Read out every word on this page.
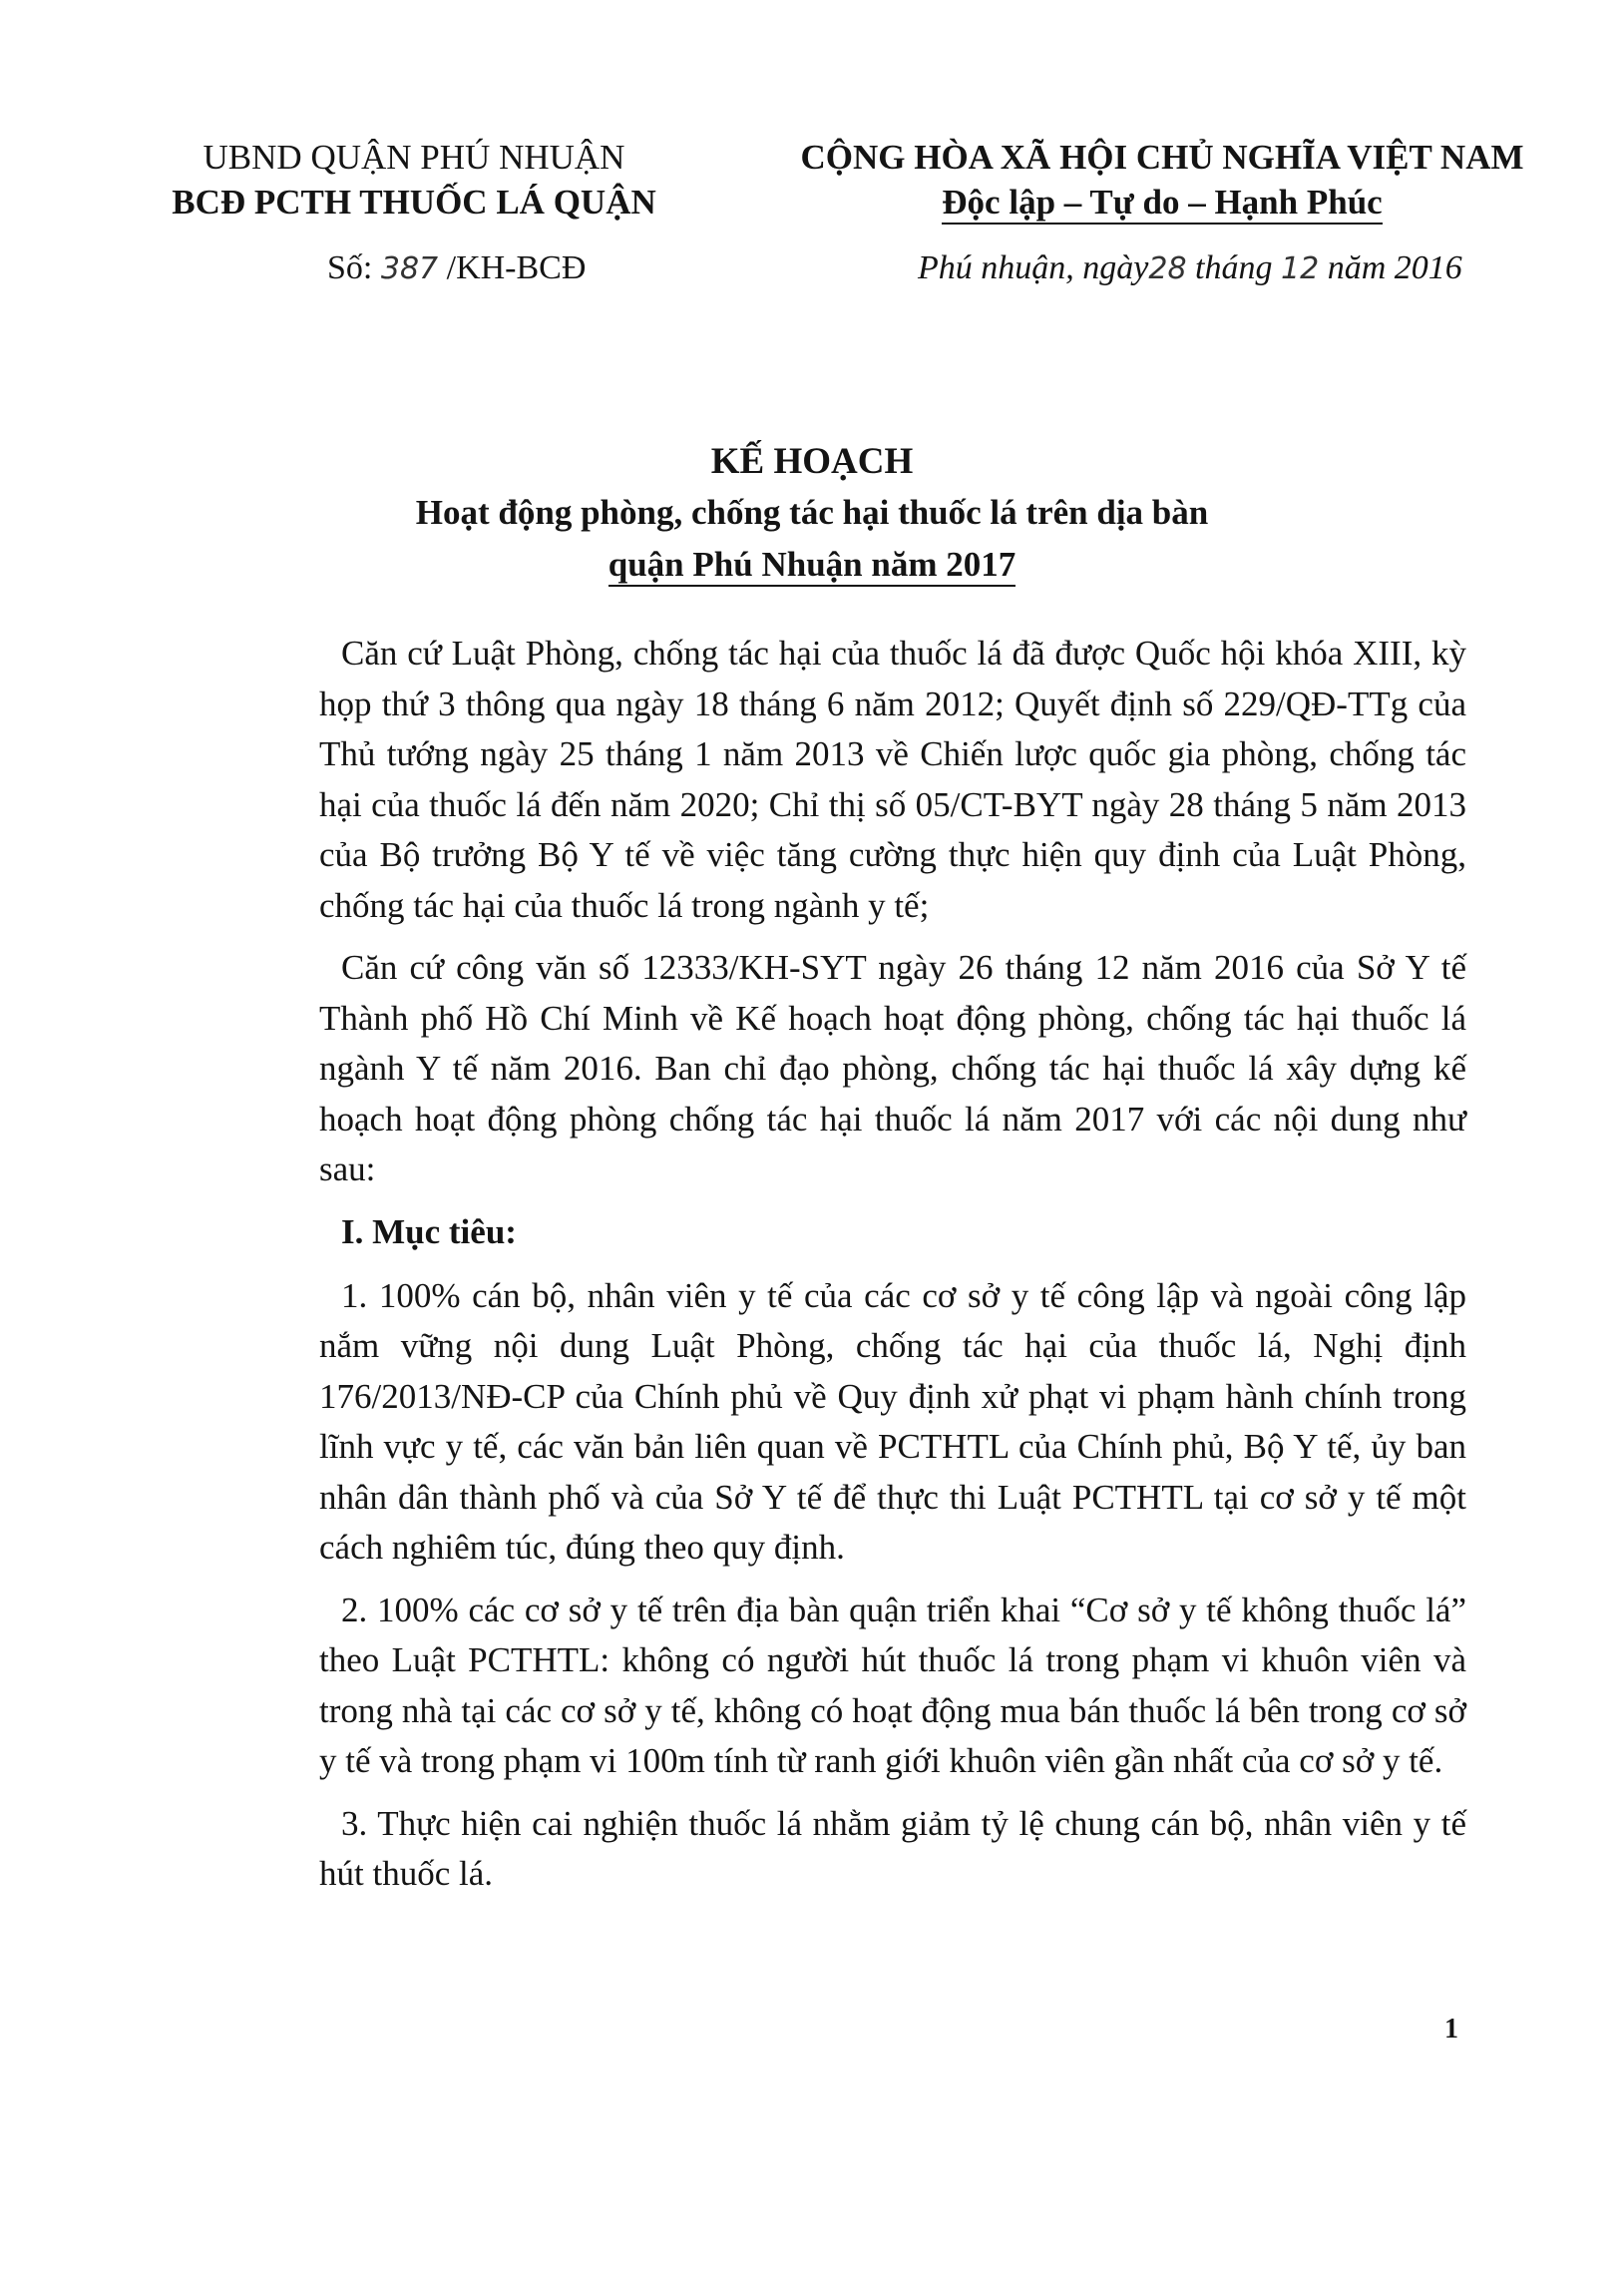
UBND QUẬN PHÚ NHUẬN
BCĐ PCTH THUỐC LÁ QUẬN
CỘNG HÒA XÃ HỘI CHỦ NGHĨA VIỆT NAM
Độc lập – Tự do – Hạnh Phúc
Số: 387 /KH-BCĐ	Phú nhuận, ngày28 tháng 12 năm 2016
KẾ HOẠCH
Hoạt động phòng, chống tác hại thuốc lá trên dịa bàn
quận Phú Nhuận năm 2017

Căn cứ Luật Phòng, chống tác hại của thuốc lá đã được Quốc hội khóa XIII, kỳ họp thứ 3 thông qua ngày 18 tháng 6 năm 2012; Quyết định số 229/QĐ-TTg của Thủ tướng ngày 25 tháng 1 năm 2013 về Chiến lược quốc gia phòng, chống tác hại của thuốc lá đến năm 2020; Chỉ thị số 05/CT-BYT ngày 28 tháng 5 năm 2013 của Bộ trưởng Bộ Y tế về việc tăng cường thực hiện quy định của Luật Phòng, chống tác hại của thuốc lá trong ngành y tế;

Căn cứ công văn số 12333/KH-SYT ngày 26 tháng 12 năm 2016 của Sở Y tế Thành phố Hồ Chí Minh về Kế hoạch hoạt động phòng, chống tác hại thuốc lá ngành Y tế năm 2016. Ban chỉ đạo phòng, chống tác hại thuốc lá xây dựng kế hoạch hoạt động phòng chống tác hại thuốc lá năm 2017 với các nội dung như sau:

I. Mục tiêu:

1. 100% cán bộ, nhân viên y tế của các cơ sở y tế công lập và ngoài công lập nắm vững nội dung Luật Phòng, chống tác hại của thuốc lá, Nghị định 176/2013/NĐ-CP của Chính phủ về Quy định xử phạt vi phạm hành chính trong lĩnh vực y tế, các văn bản liên quan về PCTHTL của Chính phủ, Bộ Y tế, ủy ban nhân dân thành phố và của Sở Y tế để thực thi Luật PCTHTL tại cơ sở y tế một cách nghiêm túc, đúng theo quy định.

2. 100% các cơ sở y tế trên địa bàn quận triển khai “Cơ sở y tế không thuốc lá” theo Luật PCTHTL: không có người hút thuốc lá trong phạm vi khuôn viên và trong nhà tại các cơ sở y tế, không có hoạt động mua bán thuốc lá bên trong cơ sở y tế và trong phạm vi 100m tính từ ranh giới khuôn viên gần nhất của cơ sở y tế.

3. Thực hiện cai nghiện thuốc lá nhằm giảm tỷ lệ chung cán bộ, nhân viên y tế hút thuốc lá.

1
